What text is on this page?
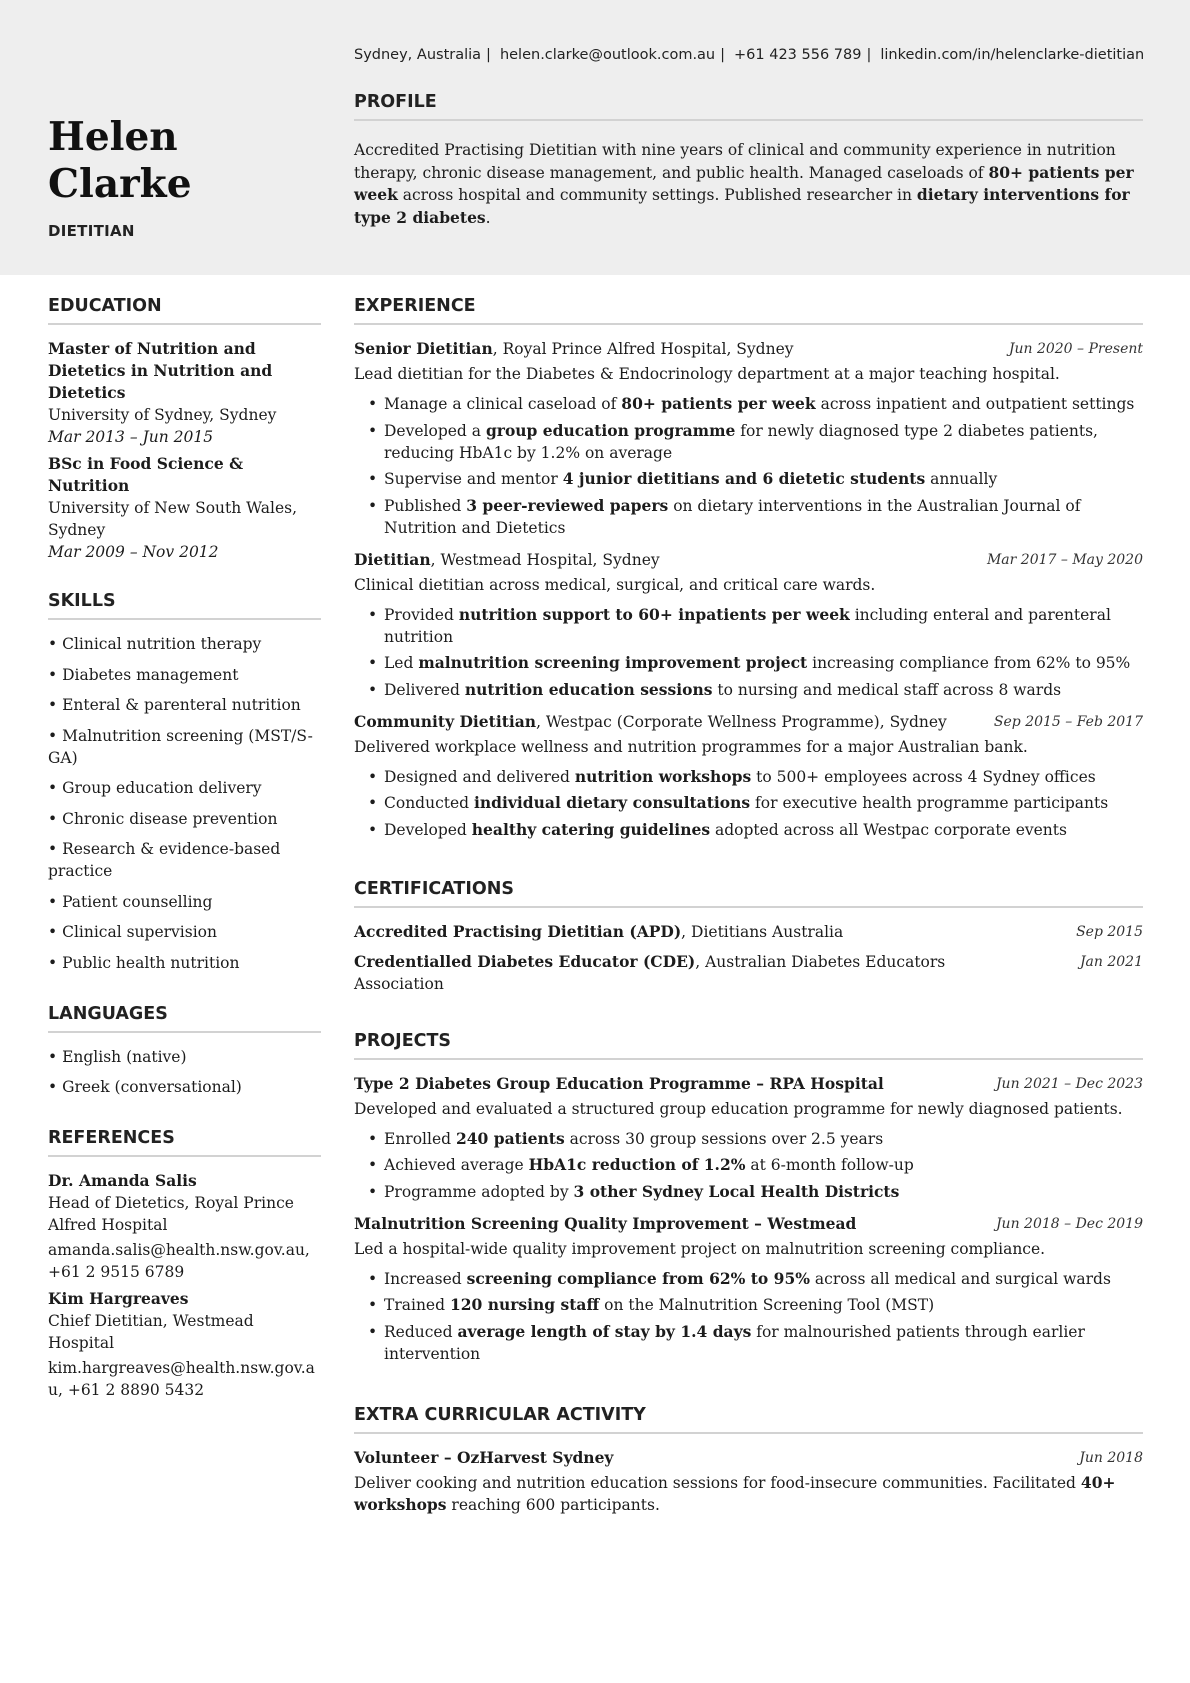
Helen Clarke
DIETITIAN
Sydney, Australia | helen.clarke@outlook.com.au | +61 423 556 789 | linkedin.com/in/helenclarke-dietitian
PROFILE
Accredited Practising Dietitian with nine years of clinical and community experience in nutrition therapy, chronic disease management, and public health. Managed caseloads of 80+ patients per week across hospital and community settings. Published researcher in dietary interventions for type 2 diabetes.
EDUCATION
Master of Nutrition and Dietetics in Nutrition and Dietetics
University of Sydney, Sydney
Mar 2013 – Jun 2015
BSc in Food Science & Nutrition
University of New South Wales, Sydney
Mar 2009 – Nov 2012
SKILLS
• Clinical nutrition therapy
• Diabetes management
• Enteral & parenteral nutrition
• Malnutrition screening (MST/S-GA)
• Group education delivery
• Chronic disease prevention
• Research & evidence-based practice
• Patient counselling
• Clinical supervision
• Public health nutrition
LANGUAGES
• English (native)
• Greek (conversational)
REFERENCES
Dr. Amanda Salis
Head of Dietetics, Royal Prince Alfred Hospital
amanda.salis@health.nsw.gov.au, +61 2 9515 6789
Kim Hargreaves
Chief Dietitian, Westmead Hospital
kim.hargreaves@health.nsw.gov.au, +61 2 8890 5432
EXPERIENCE
Senior Dietitian, Royal Prince Alfred Hospital, Sydney	Jun 2020 – Present
Lead dietitian for the Diabetes & Endocrinology department at a major teaching hospital.
• Manage a clinical caseload of 80+ patients per week across inpatient and outpatient settings
• Developed a group education programme for newly diagnosed type 2 diabetes patients, reducing HbA1c by 1.2% on average
• Supervise and mentor 4 junior dietitians and 6 dietetic students annually
• Published 3 peer-reviewed papers on dietary interventions in the Australian Journal of Nutrition and Dietetics
Dietitian, Westmead Hospital, Sydney	Mar 2017 – May 2020
Clinical dietitian across medical, surgical, and critical care wards.
• Provided nutrition support to 60+ inpatients per week including enteral and parenteral nutrition
• Led malnutrition screening improvement project increasing compliance from 62% to 95%
• Delivered nutrition education sessions to nursing and medical staff across 8 wards
Community Dietitian, Westpac (Corporate Wellness Programme), Sydney	Sep 2015 – Feb 2017
Delivered workplace wellness and nutrition programmes for a major Australian bank.
• Designed and delivered nutrition workshops to 500+ employees across 4 Sydney offices
• Conducted individual dietary consultations for executive health programme participants
• Developed healthy catering guidelines adopted across all Westpac corporate events
CERTIFICATIONS
Accredited Practising Dietitian (APD), Dietitians Australia	Sep 2015
Credentialled Diabetes Educator (CDE), Australian Diabetes Educators Association
Jan 2021
PROJECTS
Type 2 Diabetes Group Education Programme – RPA Hospital	Jun 2021 – Dec 2023
Developed and evaluated a structured group education programme for newly diagnosed patients.
• Enrolled 240 patients across 30 group sessions over 2.5 years
• Achieved average HbA1c reduction of 1.2% at 6-month follow-up
• Programme adopted by 3 other Sydney Local Health Districts
Malnutrition Screening Quality Improvement – Westmead	Jun 2018 – Dec 2019
Led a hospital-wide quality improvement project on malnutrition screening compliance.
• Increased screening compliance from 62% to 95% across all medical and surgical wards
• Trained 120 nursing staff on the Malnutrition Screening Tool (MST)
• Reduced average length of stay by 1.4 days for malnourished patients through earlier intervention
EXTRA CURRICULAR ACTIVITY
Volunteer – OzHarvest Sydney	Jun 2018
Deliver cooking and nutrition education sessions for food-insecure communities. Facilitated 40+ workshops reaching 600 participants.
